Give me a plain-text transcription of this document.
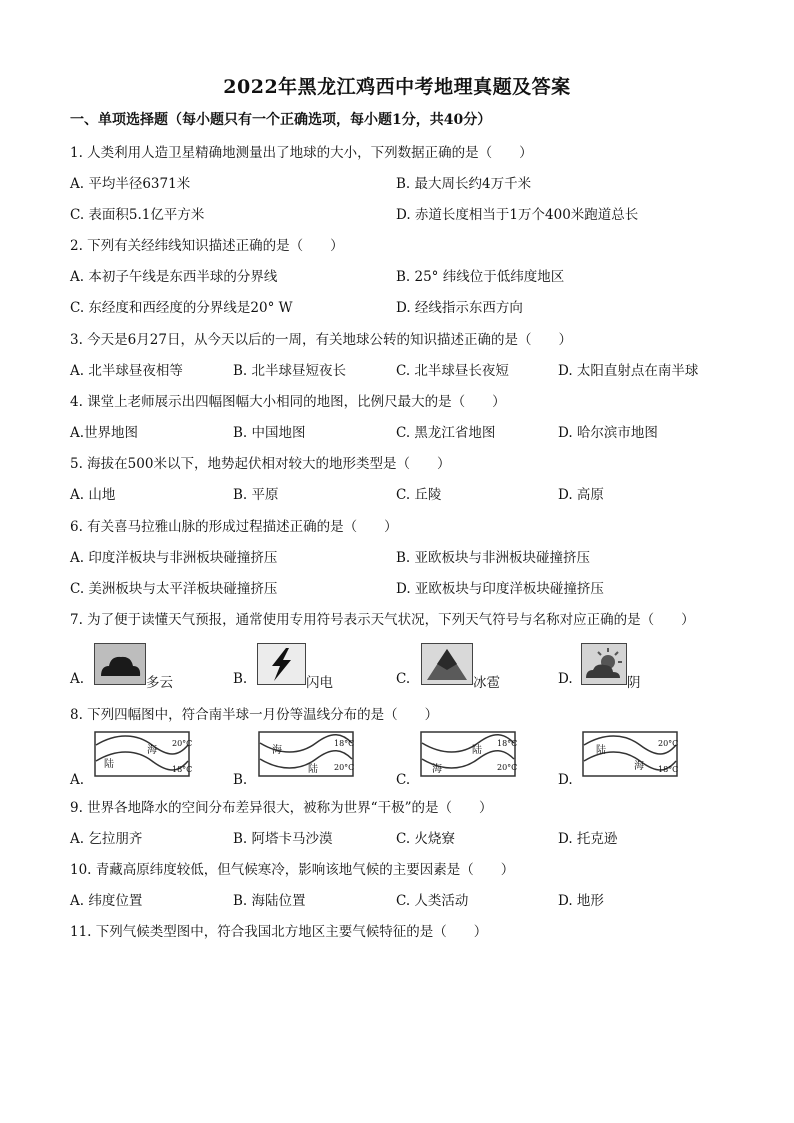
2022年黑龙江鸡西中考地理真题及答案
一、单项选择题（每小题只有一个正确选项，每小题1分，共40分）
1. 人类利用人造卫星精确地测量出了地球的大小，下列数据正确的是（　　）
A. 平均半径6371米	B. 最大周长约4万千米
C. 表面积5.1亿平方米	D. 赤道长度相当于1万个400米跑道总长
2. 下列有关经纬线知识描述正确的是（　　）
A. 本初子午线是东西半球的分界线	B. 25° 纬线位于低纬度地区
C. 东经度和西经度的分界线是20° W	D. 经线指示东西方向
3. 今天是6月27日，从今天以后的一周，有关地球公转的知识描述正确的是（　　）
A. 北半球昼夜相等	B. 北半球昼短夜长	C. 北半球昼长夜短	D. 太阳直射点在南半球
4. 课堂上老师展示出四幅图幅大小相同的地图，比例尺最大的是（　　）
A.世界地图	B. 中国地图	C. 黑龙江省地图	D. 哈尔滨市地图
5. 海拔在500米以下，地势起伏相对较大的地形类型是（　　）
A. 山地	B. 平原	C. 丘陵	D. 高原
6. 有关喜马拉雅山脉的形成过程描述正确的是（　　）
A. 印度洋板块与非洲板块碰撞挤压	B. 亚欧板块与非洲板块碰撞挤压
C. 美洲板块与太平洋板块碰撞挤压	D. 亚欧板块与印度洋板块碰撞挤压
7. 为了便于读懂天气预报，通常使用专用符号表示天气状况，下列天气符号与名称对应正确的是（　　）
A.	多云	B.	闪电	C.	冰雹	D.	阴
8. 下列四幅图中，符合南半球一月份等温线分布的是（　　）
A.	B.	C.	D.
海
陆
20°C
18°C
海
陆
18°C
20°C
陆
海
18°C
20°C
陆
海
20°C
18°C
9. 世界各地降水的空间分布差异很大，被称为世界“干极”的是（　　）
A. 乞拉朋齐	B. 阿塔卡马沙漠	C. 火烧寮	D. 托克逊
10. 青藏高原纬度较低，但气候寒冷，影响该地气候的主要因素是（　　）
A. 纬度位置	B. 海陆位置	C. 人类活动	D. 地形
11. 下列气候类型图中，符合我国北方地区主要气候特征的是（　　）
